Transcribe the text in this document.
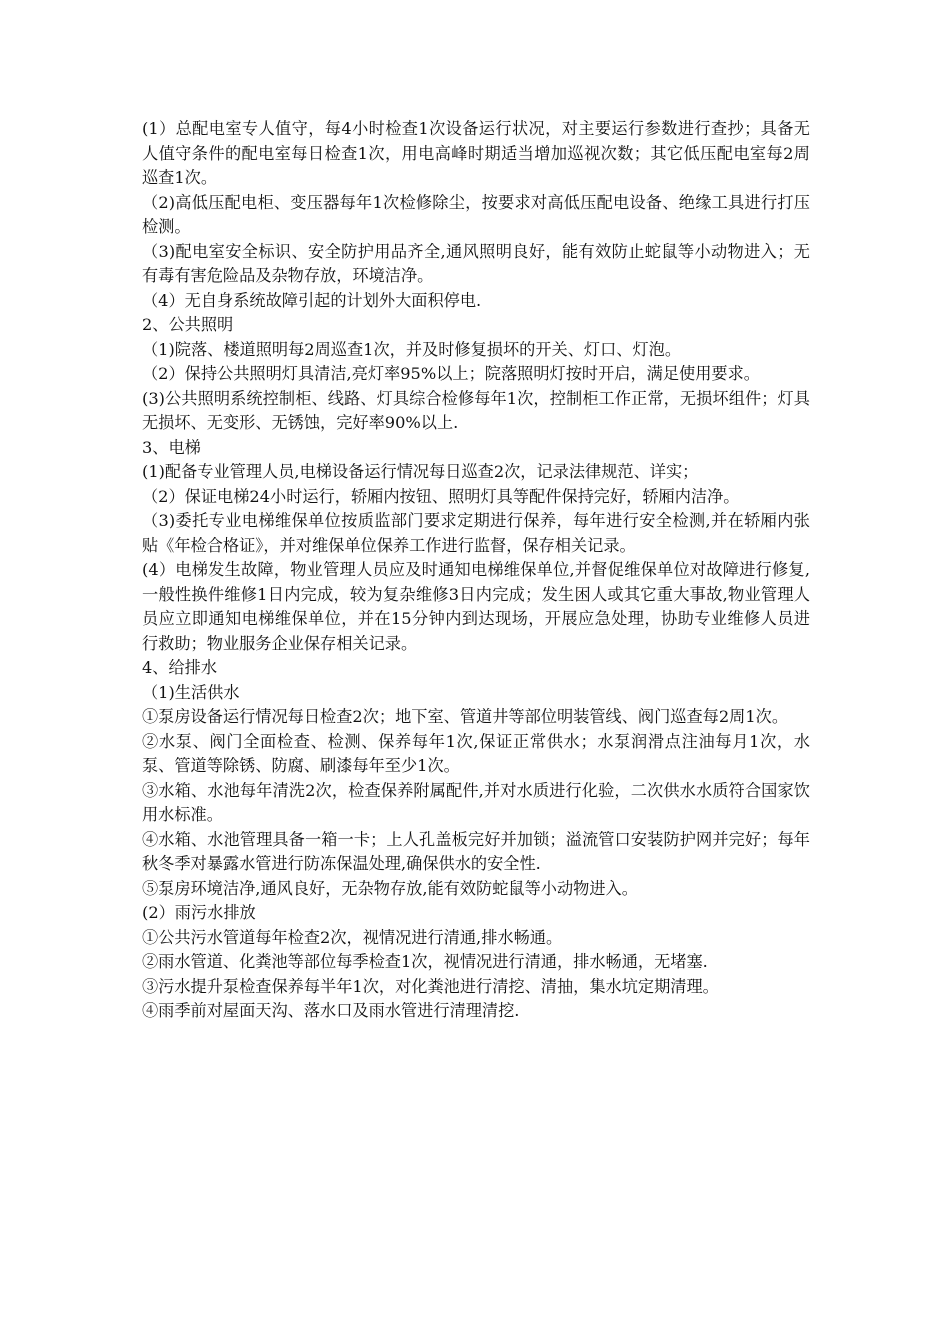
(1）总配电室专人值守，每4小时检查1次设备运行状况，对主要运行参数进行查抄；具备无人值守条件的配电室每日检查1次，用电高峰时期适当增加巡视次数；其它低压配电室每2周巡查1次。

（2)高低压配电柜、变压器每年1次检修除尘，按要求对高低压配电设备、绝缘工具进行打压检测。

（3)配电室安全标识、安全防护用品齐全,通风照明良好，能有效防止蛇鼠等小动物进入；无有毒有害危险品及杂物存放，环境洁净。

（4）无自身系统故障引起的计划外大面积停电.

2、公共照明

（1)院落、楼道照明每2周巡查1次，并及时修复损坏的开关、灯口、灯泡。

（2）保持公共照明灯具清洁,亮灯率95%以上；院落照明灯按时开启，满足使用要求。

(3)公共照明系统控制柜、线路、灯具综合检修每年1次，控制柜工作正常，无损坏组件；灯具无损坏、无变形、无锈蚀，完好率90%以上.

3、电梯

(1)配备专业管理人员,电梯设备运行情况每日巡查2次，记录法律规范、详实；

（2）保证电梯24小时运行，轿厢内按钮、照明灯具等配件保持完好，轿厢内洁净。

（3)委托专业电梯维保单位按质监部门要求定期进行保养，每年进行安全检测,并在轿厢内张贴《年检合格证》，并对维保单位保养工作进行监督，保存相关记录。

(4）电梯发生故障，物业管理人员应及时通知电梯维保单位,并督促维保单位对故障进行修复,一般性换件维修1日内完成，较为复杂维修3日内完成；发生困人或其它重大事故,物业管理人员应立即通知电梯维保单位，并在15分钟内到达现场，开展应急处理，协助专业维修人员进行救助；物业服务企业保存相关记录。

4、给排水

（1)生活供水

①泵房设备运行情况每日检查2次；地下室、管道井等部位明装管线、阀门巡查每2周1次。

②水泵、阀门全面检查、检测、保养每年1次,保证正常供水；水泵润滑点注油每月1次，水泵、管道等除锈、防腐、刷漆每年至少1次。

③水箱、水池每年清洗2次，检查保养附属配件,并对水质进行化验，二次供水水质符合国家饮用水标准。

④水箱、水池管理具备一箱一卡；上人孔盖板完好并加锁；溢流管口安装防护网并完好；每年秋冬季对暴露水管进行防冻保温处理,确保供水的安全性.

⑤泵房环境洁净,通风良好，无杂物存放,能有效防蛇鼠等小动物进入。

(2）雨污水排放

①公共污水管道每年检查2次，视情况进行清通,排水畅通。

②雨水管道、化粪池等部位每季检查1次，视情况进行清通，排水畅通，无堵塞.

③污水提升泵检查保养每半年1次，对化粪池进行清挖、清抽，集水坑定期清理。

④雨季前对屋面天沟、落水口及雨水管进行清理清挖.
